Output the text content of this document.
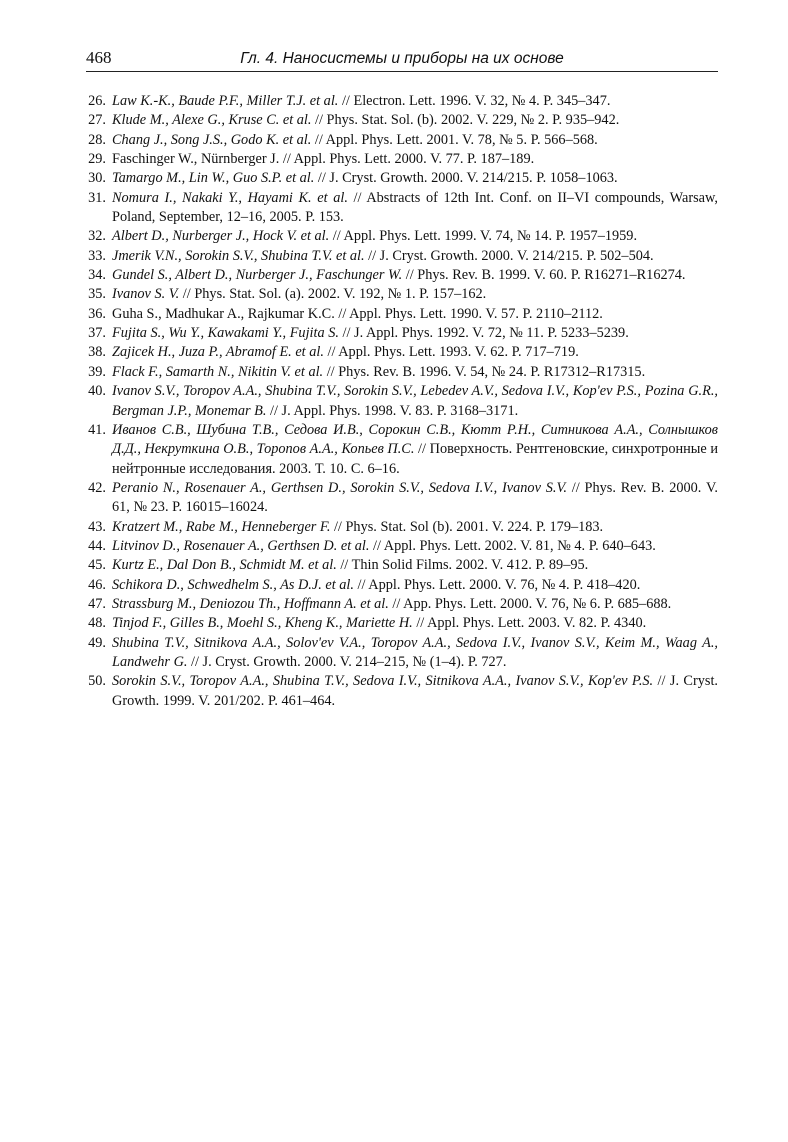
468	Гл. 4. Наносистемы и приборы на их основе
26. Law K.-K., Baude P.F., Miller T.J. et al. // Electron. Lett. 1996. V. 32, № 4. P. 345–347.
27. Klude M., Alexe G., Kruse C. et al. // Phys. Stat. Sol. (b). 2002. V. 229, № 2. P. 935–942.
28. Chang J., Song J.S., Godo K. et al. // Appl. Phys. Lett. 2001. V. 78, № 5. P. 566–568.
29. Faschinger W., Nürnberger J. // Appl. Phys. Lett. 2000. V. 77. P. 187–189.
30. Tamargo M., Lin W., Guo S.P. et al. // J. Cryst. Growth. 2000. V. 214/215. P. 1058–1063.
31. Nomura I., Nakaki Y., Hayami K. et al. // Abstracts of 12th Int. Conf. on II–VI compounds, Warsaw, Poland, September, 12–16, 2005. P. 153.
32. Albert D., Nurberger J., Hock V. et al. // Appl. Phys. Lett. 1999. V. 74, № 14. P. 1957–1959.
33. Jmerik V.N., Sorokin S.V., Shubina T.V. et al. // J. Cryst. Growth. 2000. V. 214/215. P. 502–504.
34. Gundel S., Albert D., Nurberger J., Faschunger W. // Phys. Rev. B. 1999. V. 60. P. R16271–R16274.
35. Ivanov S. V. // Phys. Stat. Sol. (a). 2002. V. 192, № 1. P. 157–162.
36. Guha S., Madhukar A., Rajkumar K.C. // Appl. Phys. Lett. 1990. V. 57. P. 2110–2112.
37. Fujita S., Wu Y., Kawakami Y., Fujita S. // J. Appl. Phys. 1992. V. 72, № 11. P. 5233–5239.
38. Zajicek H., Juza P., Abramof E. et al. // Appl. Phys. Lett. 1993. V. 62. P. 717–719.
39. Flack F., Samarth N., Nikitin V. et al. // Phys. Rev. B. 1996. V. 54, № 24. P. R17312–R17315.
40. Ivanov S.V., Toropov A.A., Shubina T.V., Sorokin S.V., Lebedev A.V., Sedova I.V., Kop'ev P.S., Pozina G.R., Bergman J.P., Monemar B. // J. Appl. Phys. 1998. V. 83. P. 3168–3171.
41. Иванов С.В., Шубина Т.В., Седова И.В., Сорокин С.В., Кютт Р.Н., Ситникова А.А., Солнышков Д.Д., Некруткина О.В., Торопов А.А., Копьев П.С. // Поверхность. Рентгеновские, синхротронные и нейтронные исследования. 2003. Т. 10. С. 6–16.
42. Peranio N., Rosenauer A., Gerthsen D., Sorokin S.V., Sedova I.V., Ivanov S.V. // Phys. Rev. B. 2000. V. 61, № 23. P. 16015–16024.
43. Kratzert M., Rabe M., Henneberger F. // Phys. Stat. Sol (b). 2001. V. 224. P. 179–183.
44. Litvinov D., Rosenauer A., Gerthsen D. et al. // Appl. Phys. Lett. 2002. V. 81, № 4. P. 640–643.
45. Kurtz E., Dal Don B., Schmidt M. et al. // Thin Solid Films. 2002. V. 412. P. 89–95.
46. Schikora D., Schwedhelm S., As D.J. et al. // Appl. Phys. Lett. 2000. V. 76, № 4. P. 418–420.
47. Strassburg M., Deniozou Th., Hoffmann A. et al. // App. Phys. Lett. 2000. V. 76, № 6. P. 685–688.
48. Tinjod F., Gilles B., Moehl S., Kheng K., Mariette H. // Appl. Phys. Lett. 2003. V. 82. P. 4340.
49. Shubina T.V., Sitnikova A.A., Solov'ev V.A., Toropov A.A., Sedova I.V., Ivanov S.V., Keim M., Waag A., Landwehr G. // J. Cryst. Growth. 2000. V. 214–215, № (1–4). P. 727.
50. Sorokin S.V., Toropov A.A., Shubina T.V., Sedova I.V., Sitnikova A.A., Ivanov S.V., Kop'ev P.S. // J. Cryst. Growth. 1999. V. 201/202. P. 461–464.
